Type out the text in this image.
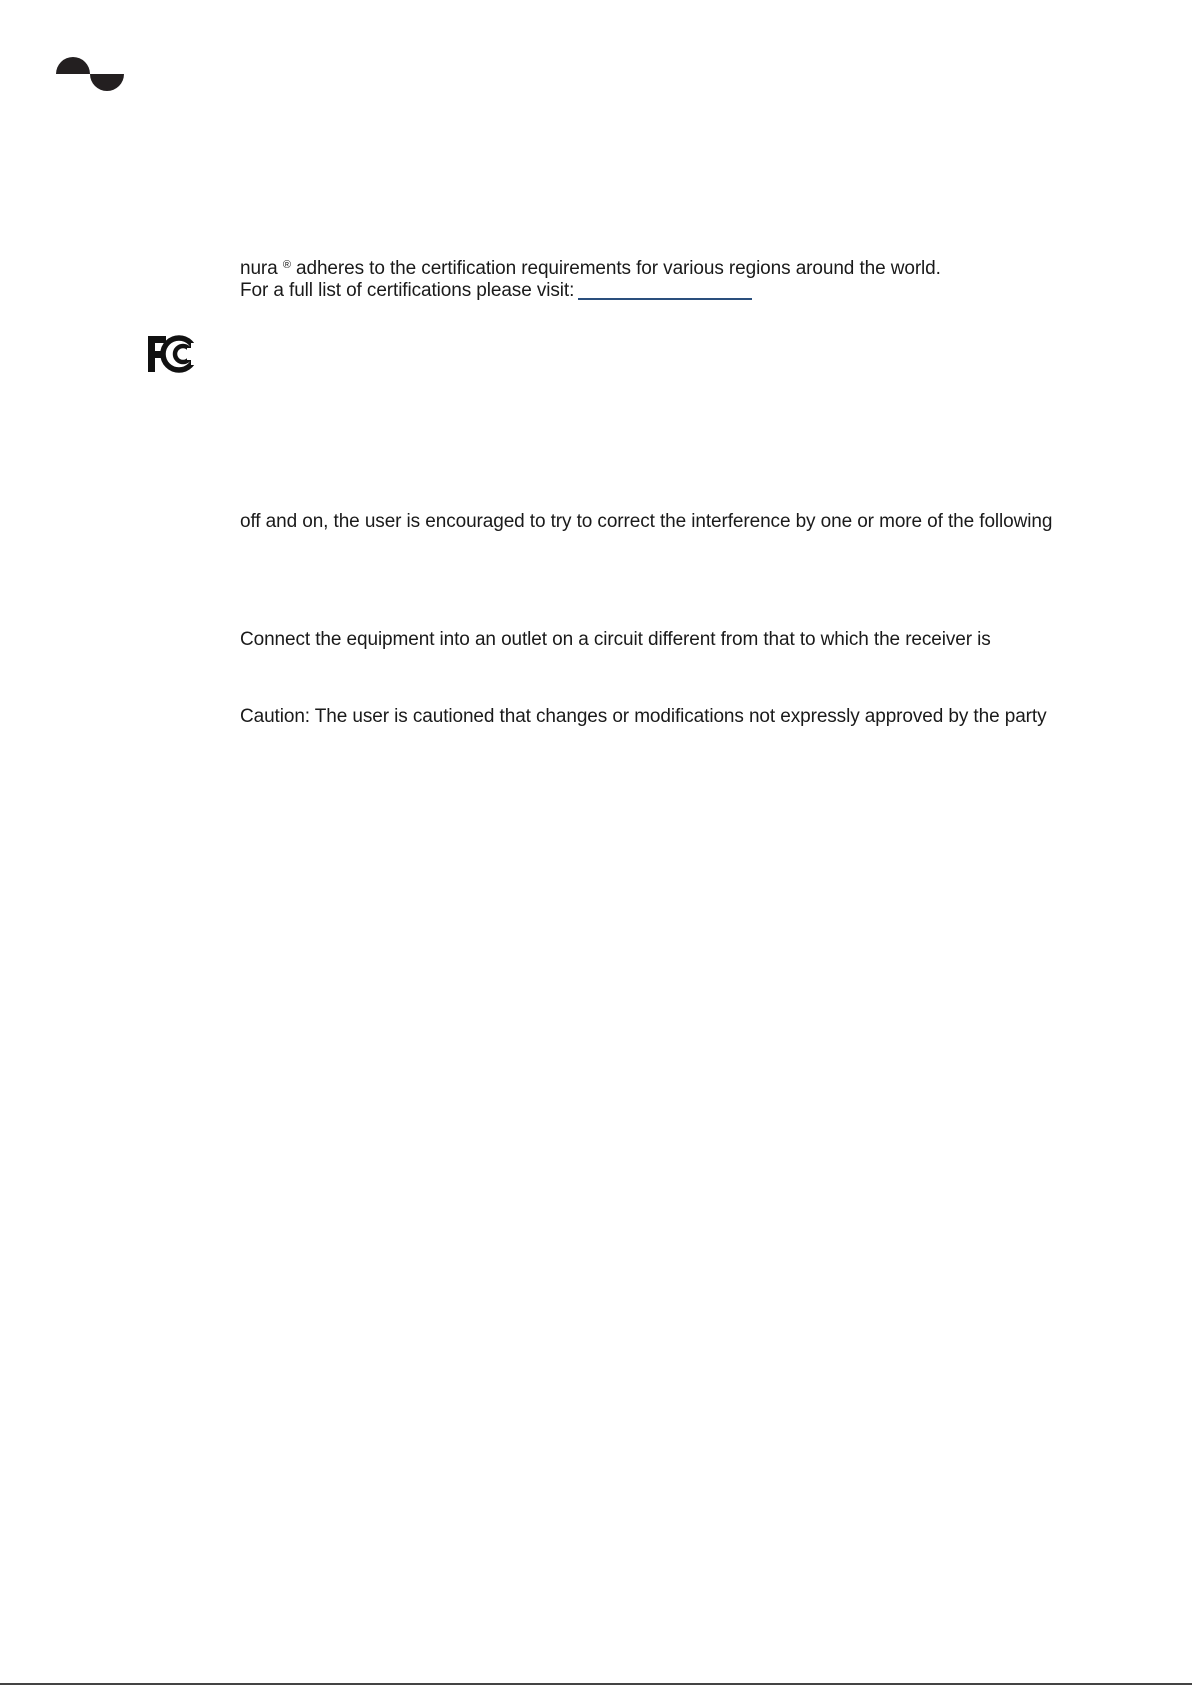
nura ® adheres to the certification requirements for various regions around the world.
For a full list of certifications please visit:
off and on, the user is encouraged to try to correct the interference by one or more of the following
Connect the equipment into an outlet on a circuit different from that to which the receiver is
Caution: The user is cautioned that changes or modifications not expressly approved by the party
